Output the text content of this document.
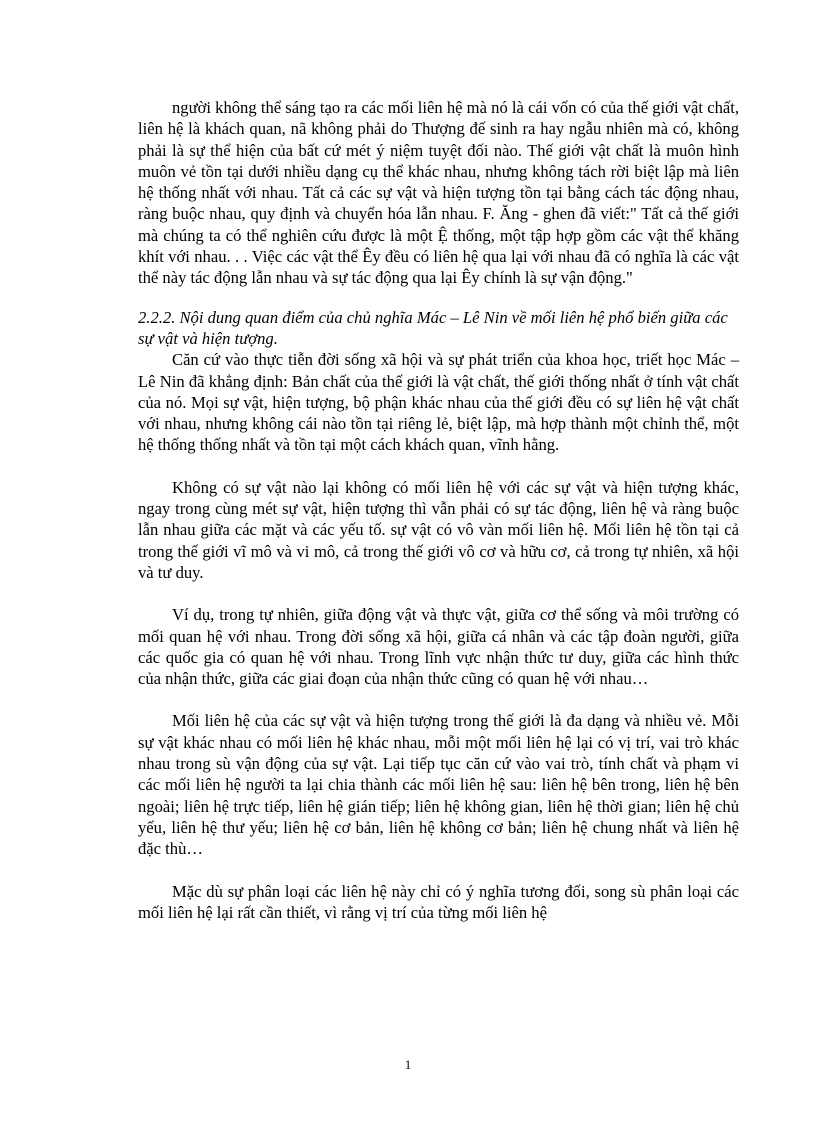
người không thể sáng tạo ra các mối liên hệ mà nó là cái vốn có của thế giới vật chất, liên hệ là khách quan, nã không phải do Thượng đế sinh ra hay ngẫu nhiên mà có, không phải là sự thể hiện của bất cứ mét ý niệm tuyệt đối nào. Thế giới vật chất là muôn hình muôn vẻ tồn tại dưới nhiều dạng cụ thể khác nhau, nhưng không tách rời biệt lập mà liên hệ thống nhất với nhau. Tất cả các sự vật và hiện tượng tồn tại bằng cách tác động nhau, ràng buộc nhau, quy định và chuyển hóa lẫn nhau. F. Ăng - ghen đã viết:" Tất cả thế giới mà chúng ta có thể nghiên cứu được là một Ệ thống, một tập hợp gồm các vật thể khăng khít với nhau. . . Việc các vật thể Êy đều có liên hệ qua lại với nhau đã có nghĩa là các vật thể này tác động lẫn nhau và sự tác động qua lại Êy chính là sự vận động."

2.2.2. Nội dung quan điểm của chủ nghĩa Mác – Lê Nin về mối liên hệ phổ biến giữa các sự vật và hiện tượng.

Căn cứ vào thực tiễn đời sống xã hội và sự phát triển của khoa học, triết học Mác – Lê Nin đã khẳng định: Bản chất của thế giới là vật chất, thế giới thống nhất ở tính vật chất của nó. Mọi sự vật, hiện tượng, bộ phận khác nhau của thế giới đều có sự liên hệ vật chất với nhau, nhưng không cái nào tồn tại riêng lẻ, biệt lập, mà hợp thành một chỉnh thể, một hệ thống thống nhất và tồn tại một cách khách quan, vĩnh hằng.

Không có sự vật nào lại không có mối liên hệ với các sự vật và hiện tượng khác, ngay trong cùng mét sự vật, hiện tượng thì vẫn phải có sự tác động, liên hệ và ràng buộc lẫn nhau giữa các mặt và các yếu tố. sự vật có vô vàn mối liên hệ. Mối liên hệ tồn tại cả trong thế giới vĩ mô và vi mô, cả trong thế giới vô cơ và hữu cơ, cả trong tự nhiên, xã hội và tư duy.

Ví dụ, trong tự nhiên, giữa động vật và thực vật, giữa cơ thể sống và môi trường có mối quan hệ với nhau. Trong đời sống xã hội, giữa cá nhân và các tập đoàn người, giữa các quốc gia có quan hệ với nhau. Trong lĩnh vực nhận thức tư duy, giữa các hình thức của nhận thức, giữa các giai đoạn của nhận thức cũng có quan hệ với nhau…

Mối liên hệ của các sự vật và hiện tượng trong thế giới là đa dạng và nhiều vẻ. Mỗi sự vật khác nhau có mối liên hệ khác nhau, mỗi một mối liên hệ lại có vị trí, vai trò khác nhau trong sù vận động của sự vật. Lại tiếp tục căn cứ vào vai trò, tính chất và phạm vi các mối liên hệ người ta lại chia thành các mối liên hệ sau: liên hệ bên trong, liên hệ bên ngoài; liên hệ trực tiếp, liên hệ gián tiếp; liên hệ không gian, liên hệ thời gian; liên hệ chủ yếu, liên hệ thư yếu; liên hệ cơ bản, liên hệ không cơ bản; liên hệ chung nhất và liên hệ đặc thù…

Mặc dù sự phân loại các liên hệ này chỉ có ý nghĩa tương đối, song sù phân loại các mối liên hệ lại rất cần thiết, vì rằng vị trí của từng mối liên hệ

1
